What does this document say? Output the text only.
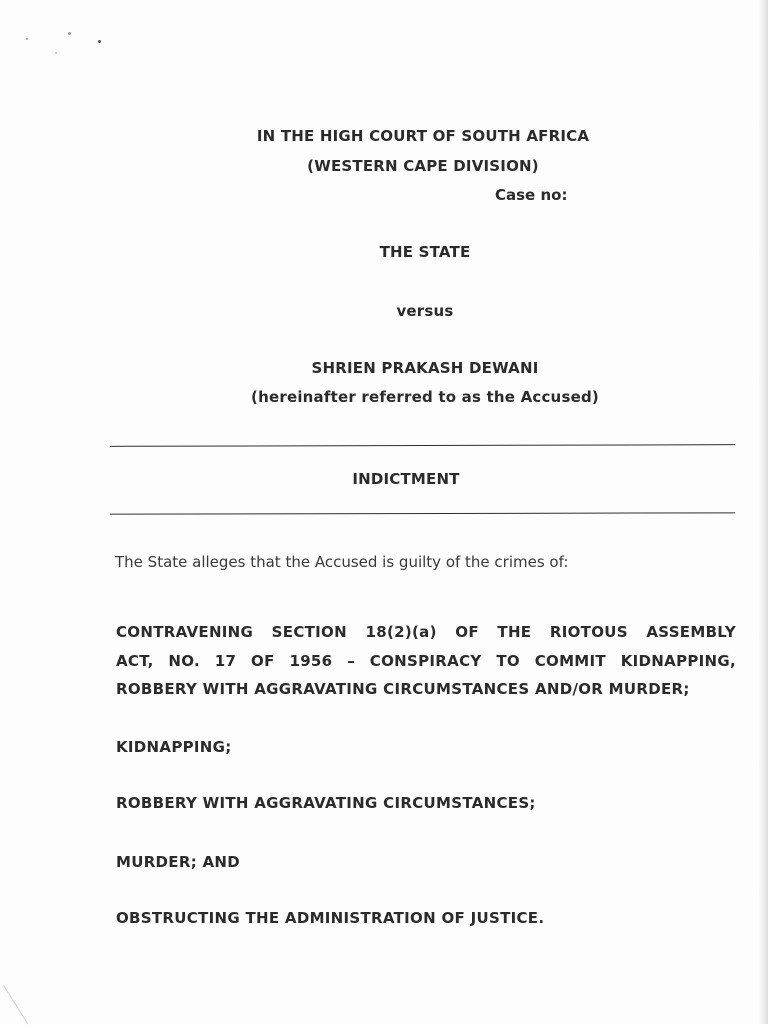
IN THE HIGH COURT OF SOUTH AFRICA
(WESTERN CAPE DIVISION)
Case no:
THE STATE
versus
SHRIEN PRAKASH DEWANI
(hereinafter referred to as the Accused)
INDICTMENT
The State alleges that the Accused is guilty of the crimes of:
CONTRAVENING SECTION 18(2)(a) OF THE RIOTOUS ASSEMBLY
ACT, NO. 17 OF 1956 – CONSPIRACY TO COMMIT KIDNAPPING,
ROBBERY WITH AGGRAVATING CIRCUMSTANCES AND/OR MURDER;
KIDNAPPING;
ROBBERY WITH AGGRAVATING CIRCUMSTANCES;
MURDER; AND
OBSTRUCTING THE ADMINISTRATION OF JUSTICE.
